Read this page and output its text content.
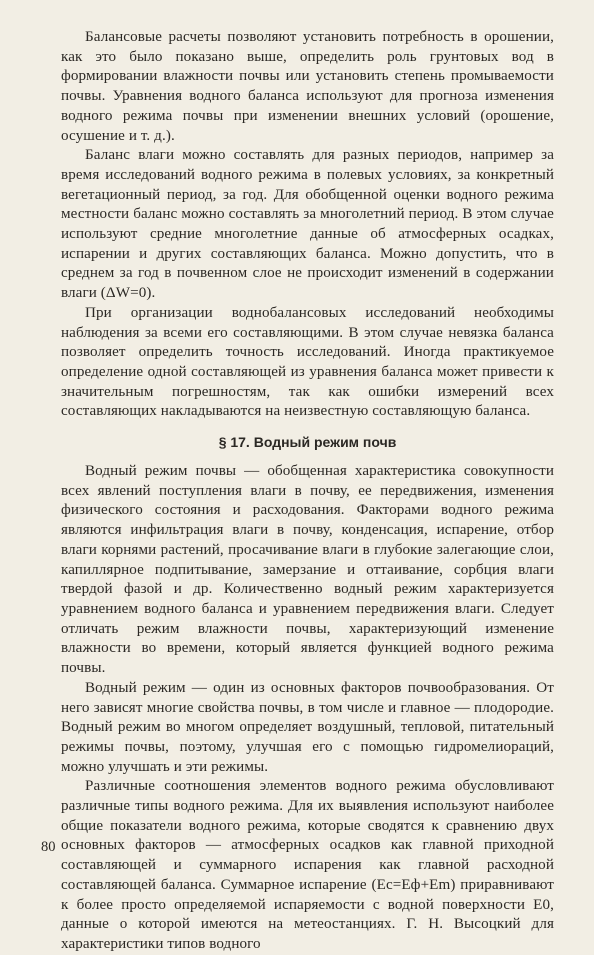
Балансовые расчеты позволяют установить потребность в орошении, как это было показано выше, определить роль грунтовых вод в формировании влажности почвы или установить степень промываемости почвы. Уравнения водного баланса используют для прогноза изменения водного режима почвы при изменении внешних условий (орошение, осушение и т. д.).

Баланс влаги можно составлять для разных периодов, например за время исследований водного режима в полевых условиях, за конкретный вегетационный период, за год. Для обобщенной оценки водного режима местности баланс можно составлять за многолетний период. В этом случае используют средние многолетние данные об атмосферных осадках, испарении и других составляющих баланса. Можно допустить, что в среднем за год в почвенном слое не происходит изменений в содержании влаги (ΔW=0).

При организации воднобалансовых исследований необходимы наблюдения за всеми его составляющими. В этом случае невязка баланса позволяет определить точность исследований. Иногда практикуемое определение одной составляющей из уравнения баланса может привести к значительным погрешностям, так как ошибки измерений всех составляющих накладываются на неизвестную составляющую баланса.

§ 17. Водный режим почв

Водный режим почвы — обобщенная характеристика совокупности всех явлений поступления влаги в почву, ее передвижения, изменения физического состояния и расходования. Факторами водного режима являются инфильтрация влаги в почву, конденсация, испарение, отбор влаги корнями растений, просачивание влаги в глубокие залегающие слои, капиллярное подпитывание, замерзание и оттаивание, сорбция влаги твердой фазой и др. Количественно водный режим характеризуется уравнением водного баланса и уравнением передвижения влаги. Следует отличать режим влажности почвы, характеризующий изменение влажности во времени, который является функцией водного режима почвы.

Водный режим — один из основных факторов почвообразования. От него зависят многие свойства почвы, в том числе и главное — плодородие. Водный режим во многом определяет воздушный, тепловой, питательный режимы почвы, поэтому, улучшая его с помощью гидромелиораций, можно улучшать и эти режимы.

Различные соотношения элементов водного режима обусловливают различные типы водного режима. Для их выявления используют наиболее общие показатели водного режима, которые сводятся к сравнению двух основных факторов — атмосферных осадков как главной приходной составляющей и суммарного испарения как главной расходной составляющей баланса. Суммарное испарение (Ec=Eф+Em) приравнивают к более просто определяемой испаряемости с водной поверхности E0, данные о которой имеются на метеостанциях. Г. Н. Высоцкий для характеристики типов водного

80
